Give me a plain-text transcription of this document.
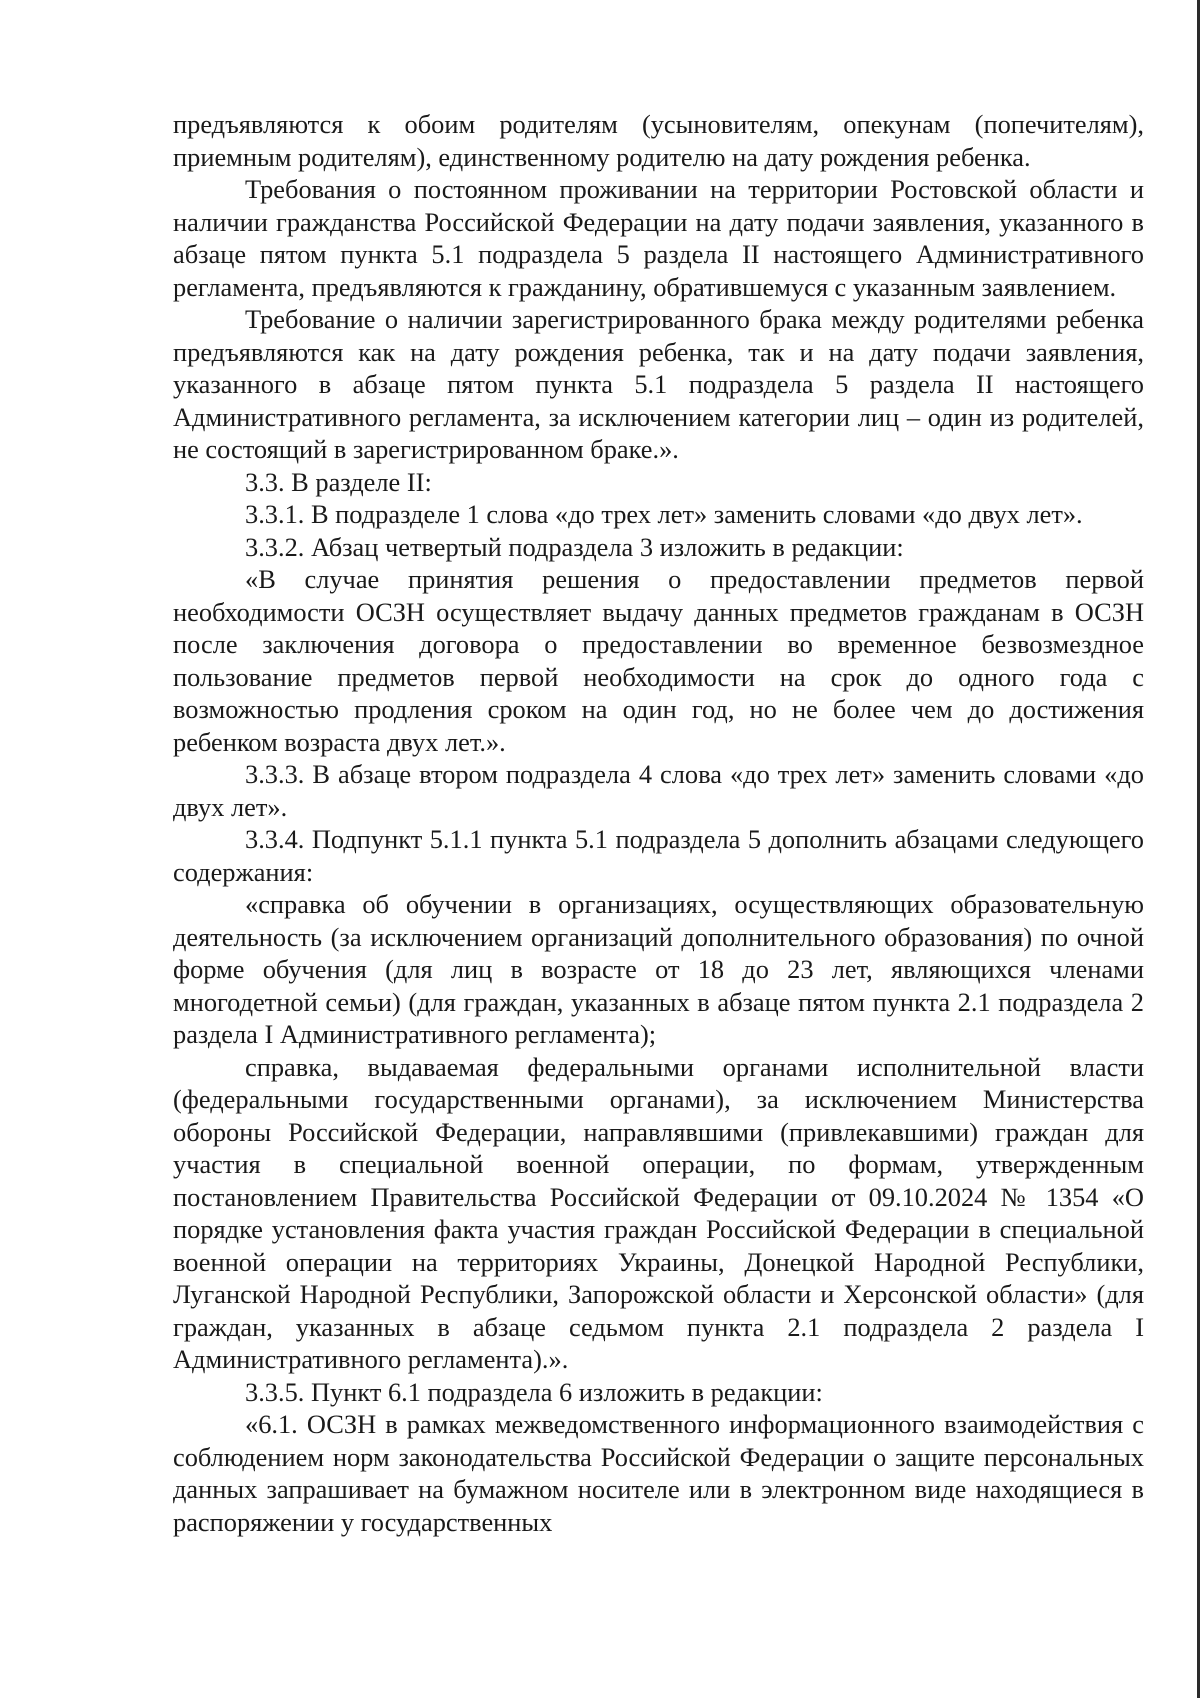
предъявляются к обоим родителям (усыновителям, опекунам (попечителям), приемным родителям), единственному родителю на дату рождения ребенка.

Требования о постоянном проживании на территории Ростовской области и наличии гражданства Российской Федерации на дату подачи заявления, указанного в абзаце пятом пункта 5.1 подраздела 5 раздела II настоящего Административного регламента, предъявляются к гражданину, обратившемуся с указанным заявлением.

Требование о наличии зарегистрированного брака между родителями ребенка предъявляются как на дату рождения ребенка, так и на дату подачи заявления, указанного в абзаце пятом пункта 5.1 подраздела 5 раздела II настоящего Административного регламента, за исключением категории лиц – один из родителей, не состоящий в зарегистрированном браке.».

3.3. В разделе II:

3.3.1. В подразделе 1 слова «до трех лет» заменить словами «до двух лет».

3.3.2. Абзац четвертый подраздела 3 изложить в редакции:

«В случае принятия решения о предоставлении предметов первой необходимости ОСЗН осуществляет выдачу данных предметов гражданам в ОСЗН после заключения договора о предоставлении во временное безвозмездное пользование предметов первой необходимости на срок до одного года с возможностью продления сроком на один год, но не более чем до достижения ребенком возраста двух лет.».

3.3.3. В абзаце втором подраздела 4 слова «до трех лет» заменить словами «до двух лет».

3.3.4. Подпункт 5.1.1 пункта 5.1 подраздела 5 дополнить абзацами следующего содержания:

«справка об обучении в организациях, осуществляющих образовательную деятельность (за исключением организаций дополнительного образования) по очной форме обучения (для лиц в возрасте от 18 до 23 лет, являющихся членами многодетной семьи) (для граждан, указанных в абзаце пятом пункта 2.1 подраздела 2 раздела I Административного регламента);

справка, выдаваемая федеральными органами исполнительной власти (федеральными государственными органами), за исключением Министерства обороны Российской Федерации, направлявшими (привлекавшими) граждан для участия в специальной военной операции, по формам, утвержденным постановлением Правительства Российской Федерации от 09.10.2024 № 1354 «О порядке установления факта участия граждан Российской Федерации в специальной военной операции на территориях Украины, Донецкой Народной Республики, Луганской Народной Республики, Запорожской области и Херсонской области» (для граждан, указанных в абзаце седьмом пункта 2.1 подраздела 2 раздела I Административного регламента).».

3.3.5. Пункт 6.1 подраздела 6 изложить в редакции:

«6.1. ОСЗН в рамках межведомственного информационного взаимодействия с соблюдением норм законодательства Российской Федерации о защите персональных данных запрашивает на бумажном носителе или в электронном виде находящиеся в распоряжении у государственных
